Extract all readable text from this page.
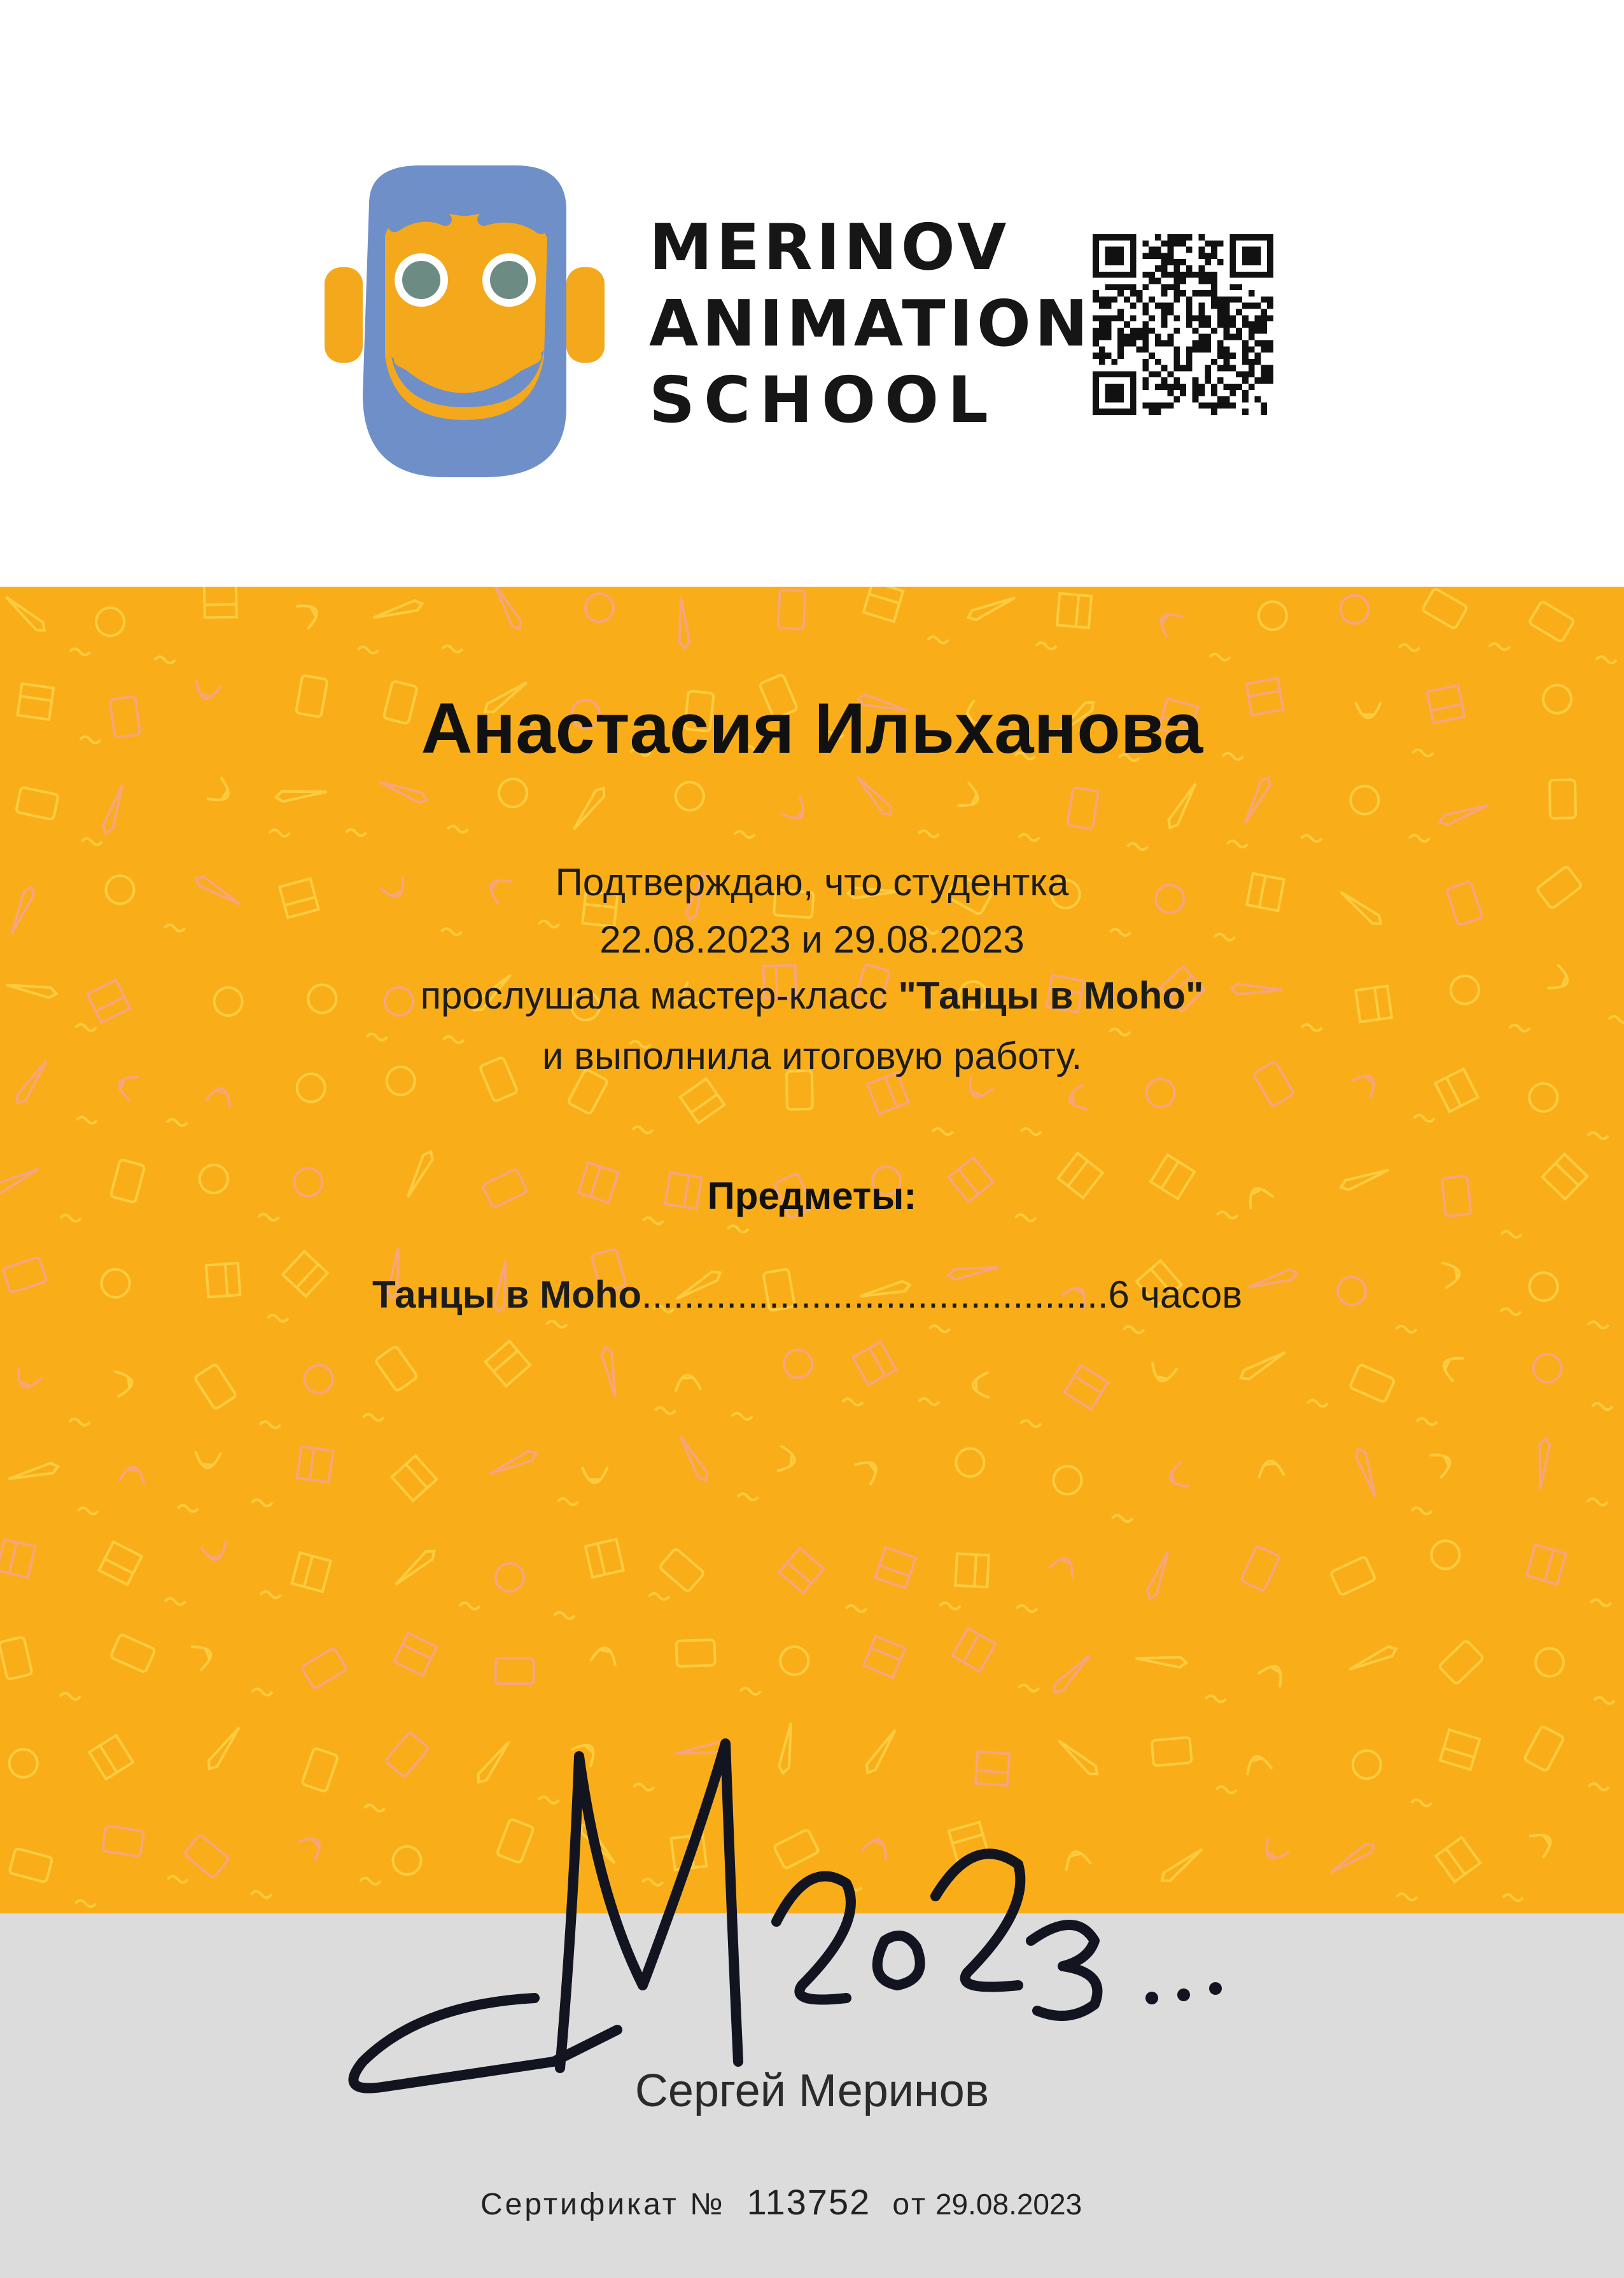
MERINOV
ANIMATION
SCHOOL
Анастасия Ильханова
Подтверждаю, что студентка
22.08.2023 и 29.08.2023
прослушала мастер-класс "Танцы в Moho"
и выполнила итоговую работу.
Предметы:
Танцы в Moho............................................6 часов
Сергей Меринов
Сертификат № 113752 от 29.08.2023
